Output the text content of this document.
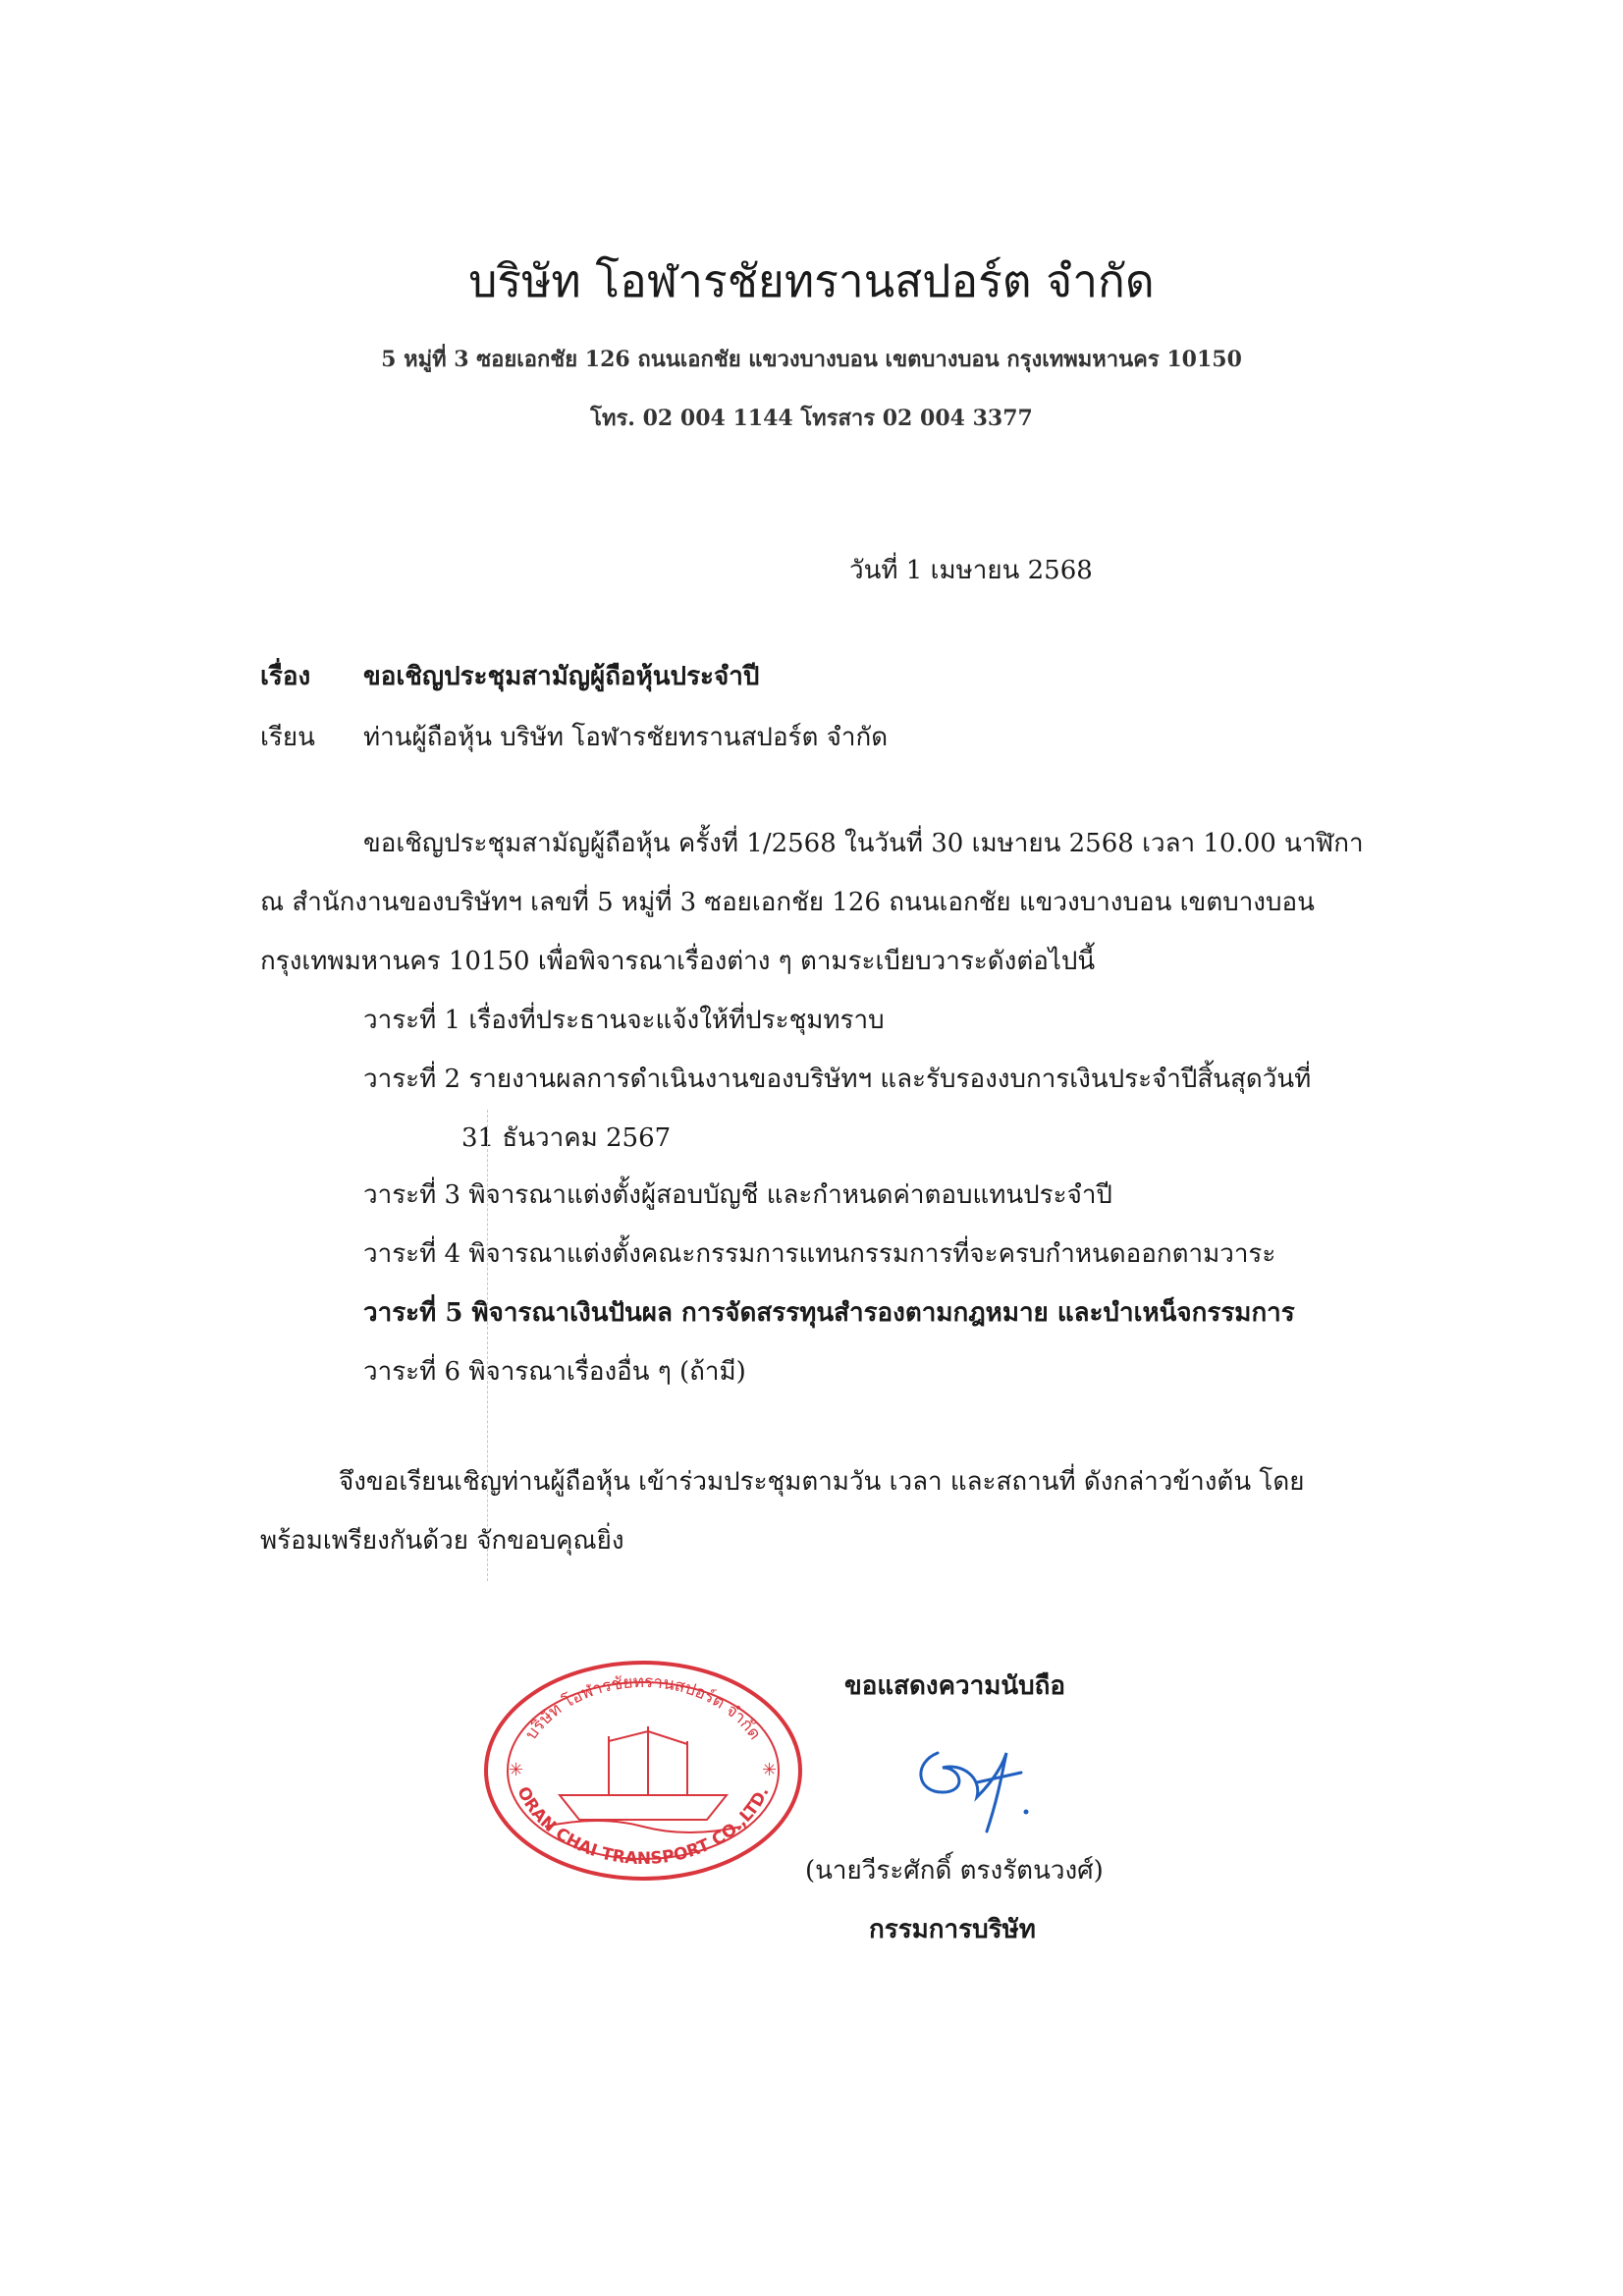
บริษัท โอฬารชัยทรานสปอร์ต จำกัด
5 หมู่ที่ 3 ซอยเอกชัย 126 ถนนเอกชัย แขวงบางบอน เขตบางบอน กรุงเทพมหานคร 10150
โทร. 02 004 1144 โทรสาร 02 004 3377
วันที่ 1 เมษายน 2568
เรื่อง ขอเชิญประชุมสามัญผู้ถือหุ้นประจำปี
เรียน ท่านผู้ถือหุ้น บริษัท โอฬารชัยทรานสปอร์ต จำกัด
ขอเชิญประชุมสามัญผู้ถือหุ้น ครั้งที่ 1/2568 ในวันที่ 30 เมษายน 2568 เวลา 10.00 นาฬิกา
ณ สำนักงานของบริษัทฯ เลขที่ 5 หมู่ที่ 3 ซอยเอกชัย 126 ถนนเอกชัย แขวงบางบอน เขตบางบอน
กรุงเทพมหานคร 10150 เพื่อพิจารณาเรื่องต่าง ๆ ตามระเบียบวาระดังต่อไปนี้
วาระที่ 1 เรื่องที่ประธานจะแจ้งให้ที่ประชุมทราบ
วาระที่ 2 รายงานผลการดำเนินงานของบริษัทฯ และรับรองงบการเงินประจำปีสิ้นสุดวันที่
31 ธันวาคม 2567
วาระที่ 3 พิจารณาแต่งตั้งผู้สอบบัญชี และกำหนดค่าตอบแทนประจำปี
วาระที่ 4 พิจารณาแต่งตั้งคณะกรรมการแทนกรรมการที่จะครบกำหนดออกตามวาระ
วาระที่ 5 พิจารณาเงินปันผล การจัดสรรทุนสำรองตามกฎหมาย และบำเหน็จกรรมการ
วาระที่ 6 พิจารณาเรื่องอื่น ๆ (ถ้ามี)
จึงขอเรียนเชิญท่านผู้ถือหุ้น เข้าร่วมประชุมตามวัน เวลา และสถานที่ ดังกล่าวข้างต้น โดย
พร้อมเพรียงกันด้วย จักขอบคุณยิ่ง
ขอแสดงความนับถือ
บริษัท โอฬารชัยทรานสปอร์ต จำกัด
ORAN CHAI TRANSPORT CO.,LTD.
✳	✳
(นายวีระศักดิ์ ตรงรัตนวงศ์)
กรรมการบริษัท
